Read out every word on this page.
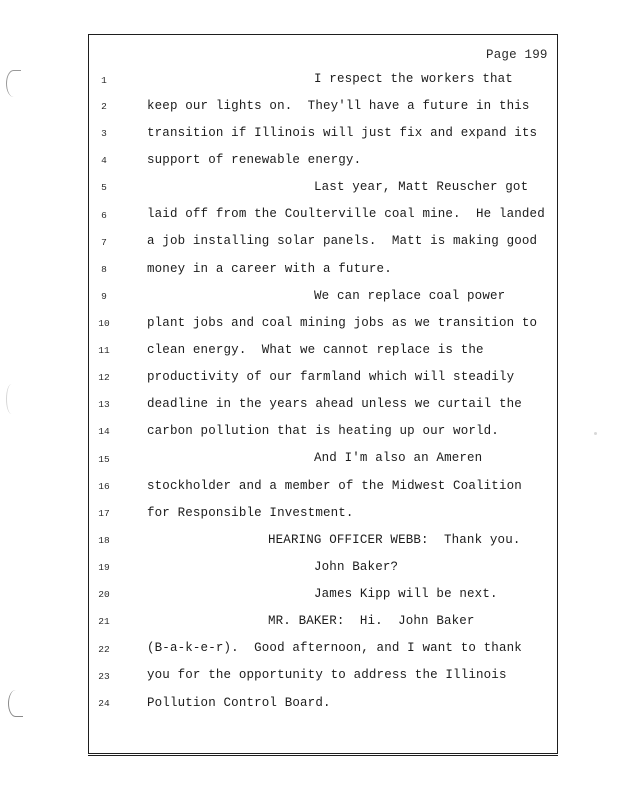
Page 199
1	I respect the workers that
2	keep our lights on.  They'll have a future in this
3	transition if Illinois will just fix and expand its
4	support of renewable energy.
5	Last year, Matt Reuscher got
6	laid off from the Coulterville coal mine.  He landed
7	a job installing solar panels.  Matt is making good
8	money in a career with a future.
9	We can replace coal power
10	plant jobs and coal mining jobs as we transition to
11	clean energy.  What we cannot replace is the
12	productivity of our farmland which will steadily
13	deadline in the years ahead unless we curtail the
14	carbon pollution that is heating up our world.
15	And I'm also an Ameren
16	stockholder and a member of the Midwest Coalition
17	for Responsible Investment.
18	HEARING OFFICER WEBB:  Thank you.
19	John Baker?
20	James Kipp will be next.
21	MR. BAKER:  Hi.  John Baker
22	(B-a-k-e-r).  Good afternoon, and I want to thank
23	you for the opportunity to address the Illinois
24	Pollution Control Board.
